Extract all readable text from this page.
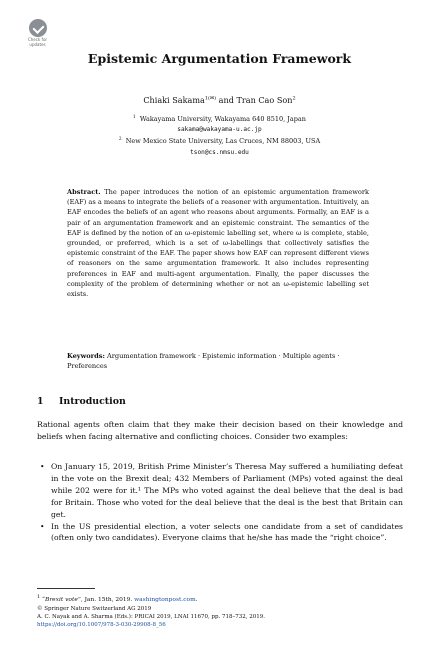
Check for
updates
Epistemic Argumentation Framework
Chiaki Sakama$^{1(✉)}$ and Tran Cao Son$^2$
$^1$ Wakayama University, Wakayama 640 8510, Japan
sakama@wakayama-u.ac.jp
$^2$ New Mexico State University, Las Cruces, NM 88003, USA
tson@cs.nmsu.edu
Abstract. The paper introduces the notion of an epistemic argumentation framework (EAF) as a means to integrate the beliefs of a reasoner with argumentation. Intuitively, an EAF encodes the beliefs of an agent who reasons about arguments. Formally, an EAF is a pair of an argumentation framework and an epistemic constraint. The semantics of the EAF is defined by the notion of an ω-epistemic labelling set, where ω is complete, stable, grounded, or preferred, which is a set of ω-labellings that collectively satisfies the epistemic constraint of the EAF. The paper shows how EAF can represent different views of reasoners on the same argumentation framework. It also includes representing preferences in EAF and multi-agent argumentation. Finally, the paper discusses the complexity of the problem of determining whether or not an ω-epistemic labelling set exists.
Keywords: Argumentation framework · Epistemic information · Multiple agents · Preferences
1 Introduction
Rational agents often claim that they make their decision based on their knowledge and beliefs when facing alternative and conflicting choices. Consider two examples:
• On January 15, 2019, British Prime Minister’s Theresa May suffered a humiliating defeat in the vote on the Brexit deal; 432 Members of Parliament (MPs) voted against the deal while 202 were for it.¹ The MPs who voted against the deal believe that the deal is bad for Britain. Those who voted for the deal believe that the deal is the best that Britain can get.
• In the US presidential election, a voter selects one candidate from a set of candidates (often only two candidates). Everyone claims that he/she has made the “right choice”.
$^1$ “Brexit vote”, Jan. 15th, 2019. washingtonpost.com.
© Springer Nature Switzerland AG 2019
A. C. Nayak and A. Sharma (Eds.): PRICAI 2019, LNAI 11670, pp. 718–732, 2019.
https://doi.org/10.1007/978-3-030-29908-8_56
